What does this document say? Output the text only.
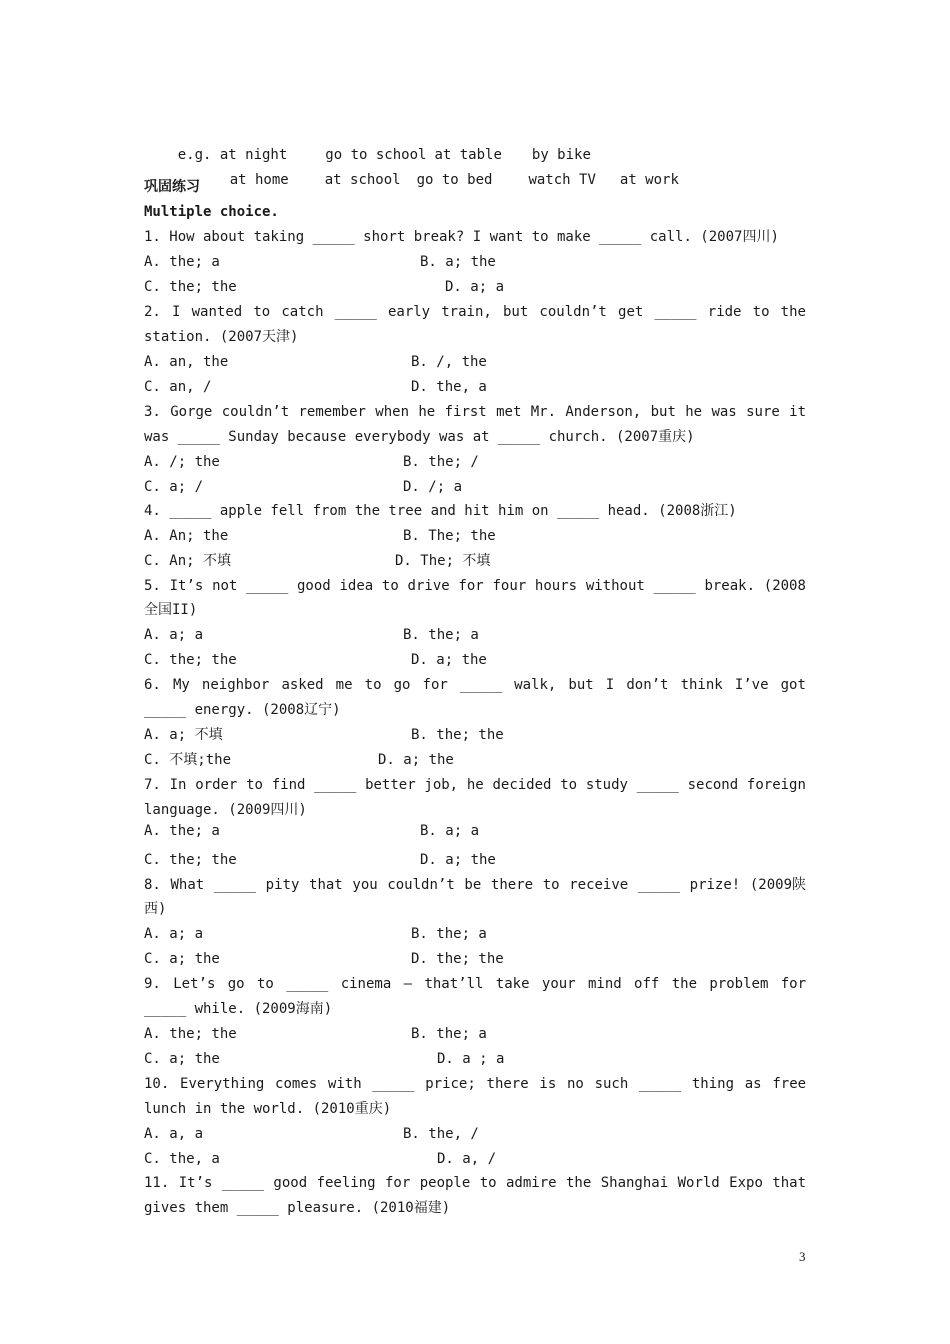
e.g. at night	go to school at table by bike

at home	at school go to bed	watch TV at work

巩固练习
Multiple choice.
1. How about taking _____ short break? I want to make _____ call. (2007四川)
A. the; a	B. a; the
C. the; the	D. a; a
2. I wanted to catch _____ early train, but couldn’t get _____ ride to the
station. (2007天津)
A. an, the	B. /, the
C. an, /	D. the, a
3. Gorge couldn’t remember when he first met Mr. Anderson, but he was sure it
was _____ Sunday because everybody was at _____ church. (2007重庆)
A. /; the	B. the; /
C. a; /	D. /; a
4. _____ apple fell from the tree and hit him on _____ head. (2008浙江)
A. An; the	B. The; the
C. An; 不填	D. The; 不填
5. It’s not _____ good idea to drive for four hours without _____ break. (2008
全国II)
A. a; a	B. the; a
C. the; the	D. a; the
6. My neighbor asked me to go for _____ walk, but I don’t think I’ve got
_____ energy. (2008辽宁)
A. a; 不填	B. the; the
C. 不填;the	D. a; the
7. In order to find _____ better job, he decided to study _____ second foreign
language. (2009四川)
A. the; a	B. a; a
C. the; the	D. a; the
8. What _____ pity that you couldn’t be there to receive _____ prize! (2009陕
西)
A. a; a	B. the; a
C. a; the	D. the; the
9. Let’s go to _____ cinema — that’ll take your mind off the problem for
_____ while. (2009海南)
A. the; the	B. the; a
C. a; the	D. a ; a
10. Everything comes with _____ price; there is no such _____ thing as free
lunch in the world. (2010重庆)
A. a, a	B. the, /
C. the, a	D. a, /
11. It’s _____ good feeling for people to admire the Shanghai World Expo that
gives them _____ pleasure. (2010福建)
3
